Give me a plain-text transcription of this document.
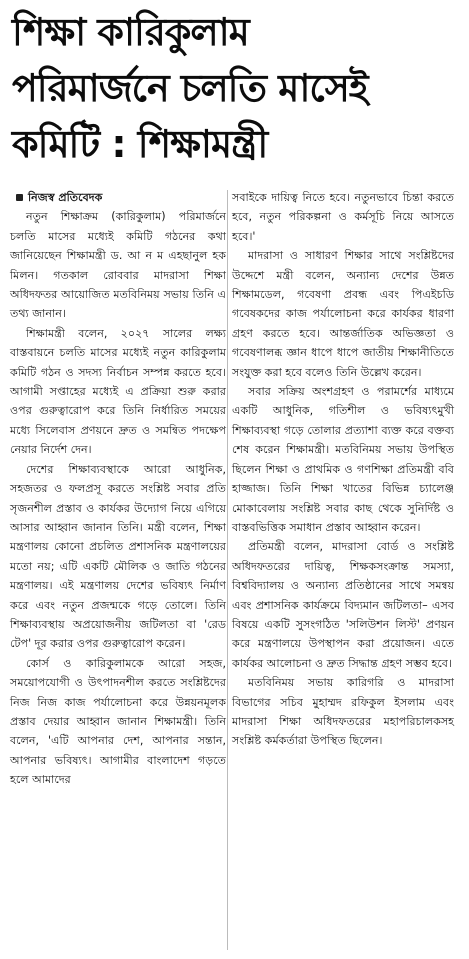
শিক্ষা কারিকুলাম
পরিমার্জনে চলতি মাসেই
কমিটি : শিক্ষামন্ত্রী
নিজস্ব প্রতিবেদক

নতুন শিক্ষাক্রম (কারিকুলাম) পরিমার্জনে চলতি মাসের মধ্যেই কমিটি গঠনের কথা জানিয়েছেন শিক্ষামন্ত্রী ড. আ ন ম এহছানুল হক মিলন। গতকাল রোববার মাদরাসা শিক্ষা অধিদফতর আয়োজিত মতবিনিময় সভায় তিনি এ তথ্য জানান।

শিক্ষামন্ত্রী বলেন, ২০২৭ সালের লক্ষ্য বাস্তবায়নে চলতি মাসের মধ্যেই নতুন কারিকুলাম কমিটি গঠন ও সদস্য নির্বাচন সম্পন্ন করতে হবে। আগামী সপ্তাহের মধ্যেই এ প্রক্রিয়া শুরু করার ওপর গুরুত্বারোপ করে তিনি নির্ধারিত সময়ের মধ্যে সিলেবাস প্রণয়নে দ্রুত ও সমন্বিত পদক্ষেপ নেয়ার নির্দেশ দেন।

দেশের শিক্ষাব্যবস্থাকে আরো আধুনিক, সহজতর ও ফলপ্রসূ করতে সংশ্লিষ্ট সবার প্রতি সৃজনশীল প্রস্তাব ও কার্যকর উদ্যোগ নিয়ে এগিয়ে আসার আহ্বান জানান তিনি। মন্ত্রী বলেন, শিক্ষা মন্ত্রণালয় কোনো প্রচলিত প্রশাসনিক মন্ত্রণালয়ের মতো নয়; এটি একটি মৌলিক ও জাতি গঠনের মন্ত্রণালয়। এই মন্ত্রণালয় দেশের ভবিষ্যৎ নির্মাণ করে এবং নতুন প্রজন্মকে গড়ে তোলে। তিনি শিক্ষাব্যবস্থায় অপ্রয়োজনীয় জটিলতা বা 'রেড টেপ' দূর করার ওপর গুরুত্বারোপ করেন।

কোর্স ও কারিকুলামকে আরো সহজ, সময়োপযোগী ও উৎপাদনশীল করতে সংশ্লিষ্টদের নিজ নিজ কাজ পর্যালোচনা করে উন্নয়নমূলক প্রস্তাব দেয়ার আহ্বান জানান শিক্ষামন্ত্রী। তিনি বলেন, 'এটি আপনার দেশ, আপনার সন্তান, আপনার ভবিষ্যৎ। আগামীর বাংলাদেশ গড়তে হলে আমাদের

সবাইকে দায়িত্ব নিতে হবে। নতুনভাবে চিন্তা করতে হবে, নতুন পরিকল্পনা ও কর্মসূচি নিয়ে আসতে হবে।'

মাদরাসা ও সাধারণ শিক্ষার সাথে সংশ্লিষ্টদের উদ্দেশে মন্ত্রী বলেন, অন্যান্য দেশের উন্নত শিক্ষামডেল, গবেষণা প্রবন্ধ এবং পিএইচডি গবেষকদের কাজ পর্যালোচনা করে কার্যকর ধারণা গ্রহণ করতে হবে। আন্তর্জাতিক অভিজ্ঞতা ও গবেষণালব্ধ জ্ঞান ধাপে ধাপে জাতীয় শিক্ষানীতিতে সংযুক্ত করা হবে বলেও তিনি উল্লেখ করেন।

সবার সক্রিয় অংশগ্রহণ ও পরামর্শের মাধ্যমে একটি আধুনিক, গতিশীল ও ভবিষ্যৎমুখী শিক্ষাব্যবস্থা গড়ে তোলার প্রত্যাশা ব্যক্ত করে বক্তব্য শেষ করেন শিক্ষামন্ত্রী। মতবিনিময় সভায় উপস্থিত ছিলেন শিক্ষা ও প্রাথমিক ও গণশিক্ষা প্রতিমন্ত্রী ববি হাজ্জাজ। তিনি শিক্ষা খাতের বিভিন্ন চ্যালেঞ্জ মোকাবেলায় সংশ্লিষ্ট সবার কাছ থেকে সুনির্দিষ্ট ও বাস্তবভিত্তিক সমাধান প্রস্তাব আহ্বান করেন।

প্রতিমন্ত্রী বলেন, মাদরাসা বোর্ড ও সংশ্লিষ্ট অধিদফতরের দায়িত্ব, শিক্ষকসংক্রান্ত সমস্যা, বিশ্ববিদ্যালয় ও অন্যান্য প্রতিষ্ঠানের সাথে সমন্বয় এবং প্রশাসনিক কার্যক্রমে বিদ্যমান জটিলতা– এসব বিষয়ে একটি সুসংগঠিত 'সলিউশন লিস্ট' প্রণয়ন করে মন্ত্রণালয়ে উপস্থাপন করা প্রয়োজন। এতে কার্যকর আলোচনা ও দ্রুত সিদ্ধান্ত গ্রহণ সম্ভব হবে।

মতবিনিময় সভায় কারিগরি ও মাদরাসা বিভাগের সচিব মুহাম্মদ রফিকুল ইসলাম এবং মাদরাসা শিক্ষা অধিদফতরের মহাপরিচালকসহ সংশ্লিষ্ট কর্মকর্তারা উপস্থিত ছিলেন।
